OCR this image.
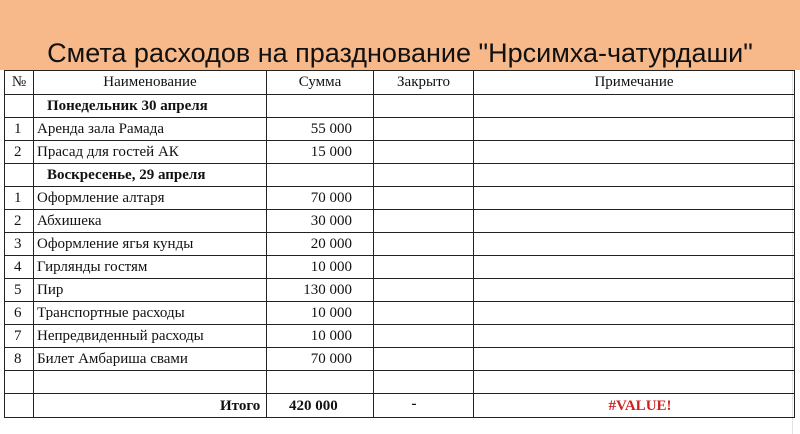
Смета расходов на празднование "Нрсимха-чатурдаши"
№	Наименование	Сумма	Закрыто	Примечание
Понедельник 30 апреля
1 Аренда зала Рамада	55 000
2 Прасад для гостей АК	15 000
Воскресенье, 29 апреля
1 Оформление алтаря	70 000
2 Абхишека	30 000
3 Оформление ягья кунды	20 000
4 Гирлянды гостям	10 000
5 Пир	130 000
6 Транспортные расходы	10 000
7 Непредвиденный расходы	10 000
8 Билет Амбариша свами	70 000
Итого 420 000	-	#VALUE!
